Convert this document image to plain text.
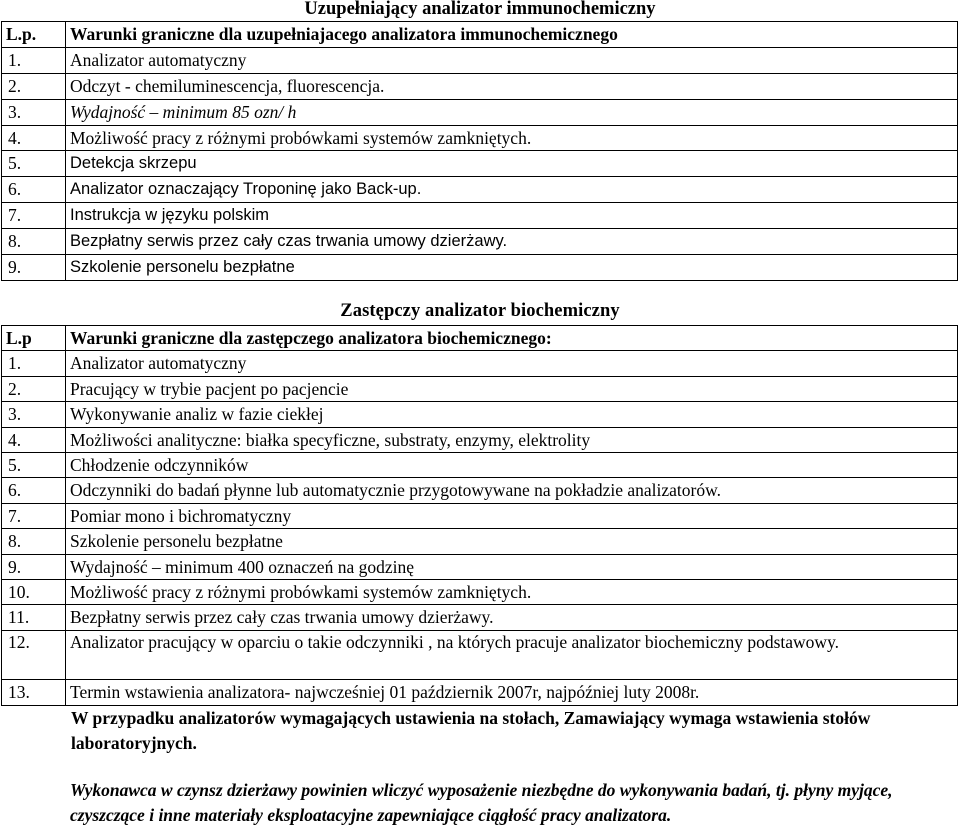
Uzupełniający analizator immunochemiczny
L.p.	Warunki graniczne dla uzupełniajacego analizatora immunochemicznego
1.	Analizator automatyczny
2.	Odczyt - chemiluminescencja, fluorescencja.
3.	Wydajność – minimum 85 ozn/ h
4.	Możliwość pracy z różnymi probówkami systemów zamkniętych.
5.	Detekcja skrzepu
6.	Analizator oznaczający Troponinę jako Back-up.
7.	Instrukcja w języku polskim
8.	Bezpłatny serwis przez cały czas trwania umowy dzierżawy.
9.	Szkolenie personelu bezpłatne
Zastępczy analizator biochemiczny
L.p	Warunki graniczne dla zastępczego analizatora biochemicznego:
1.	Analizator automatyczny
2.	Pracujący w trybie pacjent po pacjencie
3.	Wykonywanie analiz w fazie ciekłej
4.	Możliwości analityczne: białka specyficzne, substraty, enzymy, elektrolity
5.	Chłodzenie odczynników
6.	Odczynniki do badań płynne lub automatycznie przygotowywane na pokładzie analizatorów.
7.	Pomiar mono i bichromatyczny
8.	Szkolenie personelu bezpłatne
9.	Wydajność – minimum 400 oznaczeń na godzinę
10.	Możliwość pracy z różnymi probówkami systemów zamkniętych.
11.	Bezpłatny serwis przez cały czas trwania umowy dzierżawy.
12.	Analizator pracujący w oparciu o takie odczynniki , na których pracuje analizator biochemiczny podstawowy.
13.	Termin wstawienia analizatora- najwcześniej 01 październik 2007r, najpóźniej luty 2008r.
W przypadku analizatorów wymagających ustawienia na stołach, Zamawiający wymaga wstawienia stołów laboratoryjnych.
Wykonawca w czynsz dzierżawy powinien wliczyć wyposażenie niezbędne do wykonywania badań, tj. płyny myjące, czyszczące i inne materiały eksploatacyjne zapewniające ciągłość pracy analizatora.
